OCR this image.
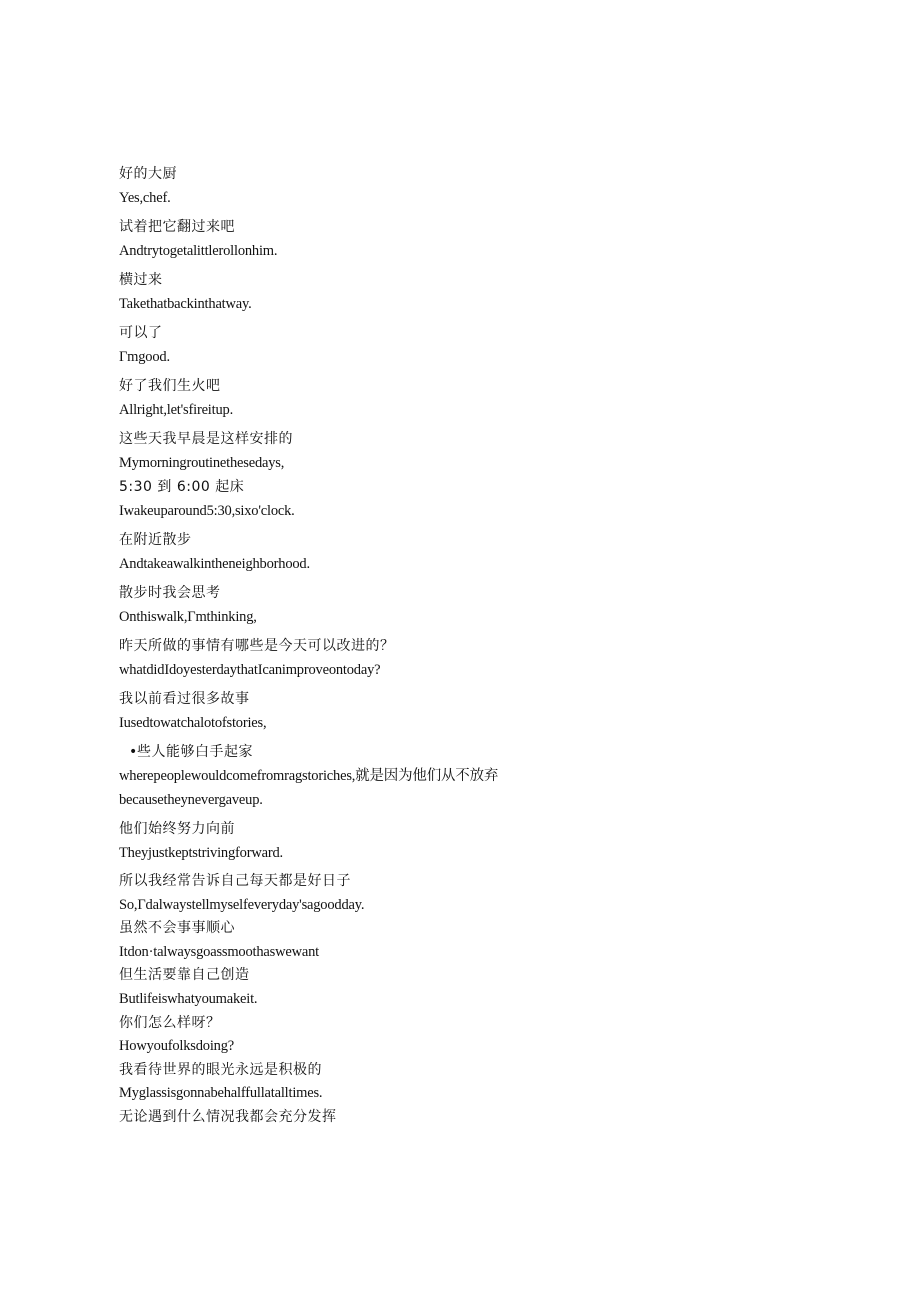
好的大厨
Yes,chef.
试着把它翻过来吧
Andtrytogetalittlerollonhim.
横过来
Takethatbackinthatway.
可以了
Γmgood.
好了我们生火吧
Allright,let'sfireitup.
这些天我早晨是这样安排的
Mymorningroutinethesedays,
5:30 到 6:00 起床
Iwakeuparound5:30,sixo'clock.
在附近散步
Andtakeawalkintheneighborhood.
散步时我会思考
Onthiswalk,Γmthinking,
昨天所做的事情有哪些是今天可以改进的？
whatdidIdoyesterdaythatIcanimproveontoday?
我以前看过很多故事
Iusedtowatchalotofstories,
•些人能够白手起家
wherepeoplewouldcomefromragstoriches,就是因为他们从不放弃
becausetheynevergaveup.
他们始终努力向前
Theyjustkeptstrivingforward.
所以我经常告诉自己每天都是好日子
So,Γdalwaystellmyselfeveryday'sagoodday.
虽然不会事事顺心
Itdon·talwaysgoassmoothaswewant
但生活要靠自己创造
Butlifeiswhatyoumakeit.
你们怎么样呀？
Howyoufolksdoing?
我看待世界的眼光永远是积极的
Myglassisgonnabehalffullatalltimes.
无论遇到什么情况我都会充分发挥
